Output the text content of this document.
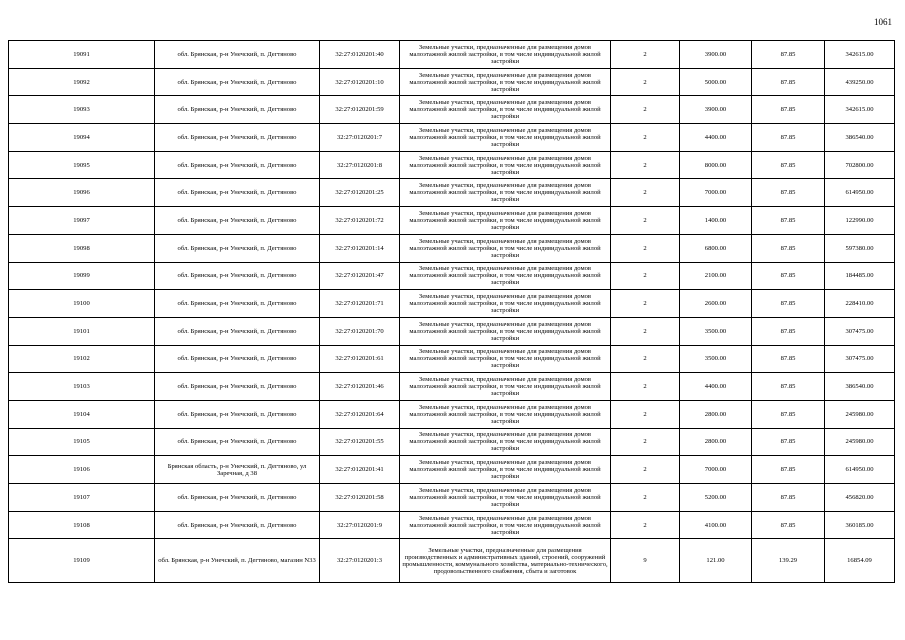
1061
19091	обл. Брянская, р-н Унечский, п. Дегтяново	32:27:0120201:40	Земельные участки, предназначенные для размещения домов малоэтажной жилой застройки, в том числе индивидуальной жилой застройки	2	3900.00	87.85	342615.00
19092	обл. Брянская, р-н Унечский, п. Дегтяново	32:27:0120201:10	Земельные участки, предназначенные для размещения домов малоэтажной жилой застройки, в том числе индивидуальной жилой застройки	2	5000.00	87.85	439250.00
19093	обл. Брянская, р-н Унечский, п. Дегтяново	32:27:0120201:59	Земельные участки, предназначенные для размещения домов малоэтажной жилой застройки, в том числе индивидуальной жилой застройки	2	3900.00	87.85	342615.00
19094	обл. Брянская, р-н Унечский, п. Дегтяново	32:27:0120201:7	Земельные участки, предназначенные для размещения домов малоэтажной жилой застройки, в том числе индивидуальной жилой застройки	2	4400.00	87.85	386540.00
19095	обл. Брянская, р-н Унечский, п. Дегтяново	32:27:0120201:8	Земельные участки, предназначенные для размещения домов малоэтажной жилой застройки, в том числе индивидуальной жилой застройки	2	8000.00	87.85	702800.00
19096	обл. Брянская, р-н Унечский, п. Дегтяново	32:27:0120201:25	Земельные участки, предназначенные для размещения домов малоэтажной жилой застройки, в том числе индивидуальной жилой застройки	2	7000.00	87.85	614950.00
19097	обл. Брянская, р-н Унечский, п. Дегтяново	32:27:0120201:72	Земельные участки, предназначенные для размещения домов малоэтажной жилой застройки, в том числе индивидуальной жилой застройки	2	1400.00	87.85	122990.00
19098	обл. Брянская, р-н Унечский, п. Дегтяново	32:27:0120201:14	Земельные участки, предназначенные для размещения домов малоэтажной жилой застройки, в том числе индивидуальной жилой застройки	2	6800.00	87.85	597380.00
19099	обл. Брянская, р-н Унечский, п. Дегтяново	32:27:0120201:47	Земельные участки, предназначенные для размещения домов малоэтажной жилой застройки, в том числе индивидуальной жилой застройки	2	2100.00	87.85	184485.00
19100	обл. Брянская, р-н Унечский, п. Дегтяново	32:27:0120201:71	Земельные участки, предназначенные для размещения домов малоэтажной жилой застройки, в том числе индивидуальной жилой застройки	2	2600.00	87.85	228410.00
19101	обл. Брянская, р-н Унечский, п. Дегтяново	32:27:0120201:70	Земельные участки, предназначенные для размещения домов малоэтажной жилой застройки, в том числе индивидуальной жилой застройки	2	3500.00	87.85	307475.00
19102	обл. Брянская, р-н Унечский, п. Дегтяново	32:27:0120201:61	Земельные участки, предназначенные для размещения домов малоэтажной жилой застройки, в том числе индивидуальной жилой застройки	2	3500.00	87.85	307475.00
19103	обл. Брянская, р-н Унечский, п. Дегтяново	32:27:0120201:46	Земельные участки, предназначенные для размещения домов малоэтажной жилой застройки, в том числе индивидуальной жилой застройки	2	4400.00	87.85	386540.00
19104	обл. Брянская, р-н Унечский, п. Дегтяново	32:27:0120201:64	Земельные участки, предназначенные для размещения домов малоэтажной жилой застройки, в том числе индивидуальной жилой застройки	2	2800.00	87.85	245980.00
19105	обл. Брянская, р-н Унечский, п. Дегтяново	32:27:0120201:55	Земельные участки, предназначенные для размещения домов малоэтажной жилой застройки, в том числе индивидуальной жилой застройки	2	2800.00	87.85	245980.00
19106	Брянская область, р-н Унечский, п. Дегтяново, ул Заречная, д 38	32:27:0120201:41	Земельные участки, предназначенные для размещения домов малоэтажной жилой застройки, в том числе индивидуальной жилой застройки	2	7000.00	87.85	614950.00
19107	обл. Брянская, р-н Унечский, п. Дегтяново	32:27:0120201:58	Земельные участки, предназначенные для размещения домов малоэтажной жилой застройки, в том числе индивидуальной жилой застройки	2	5200.00	87.85	456820.00
19108	обл. Брянская, р-н Унечский, п. Дегтяново	32:27:0120201:9	Земельные участки, предназначенные для размещения домов малоэтажной жилой застройки, в том числе индивидуальной жилой застройки	2	4100.00	87.85	360185.00
19109	обл. Брянская, р-н Унечский, п. Дегтяново, магазин N33	32:27:0120201:3	Земельные участки, предназначенные для размещения производственных и административных зданий, строений, сооружений промышленности, коммунального хозяйства, материально-технического, продовольственного снабжения, сбыта и заготовок	9	121.00	139.29	16854.09
